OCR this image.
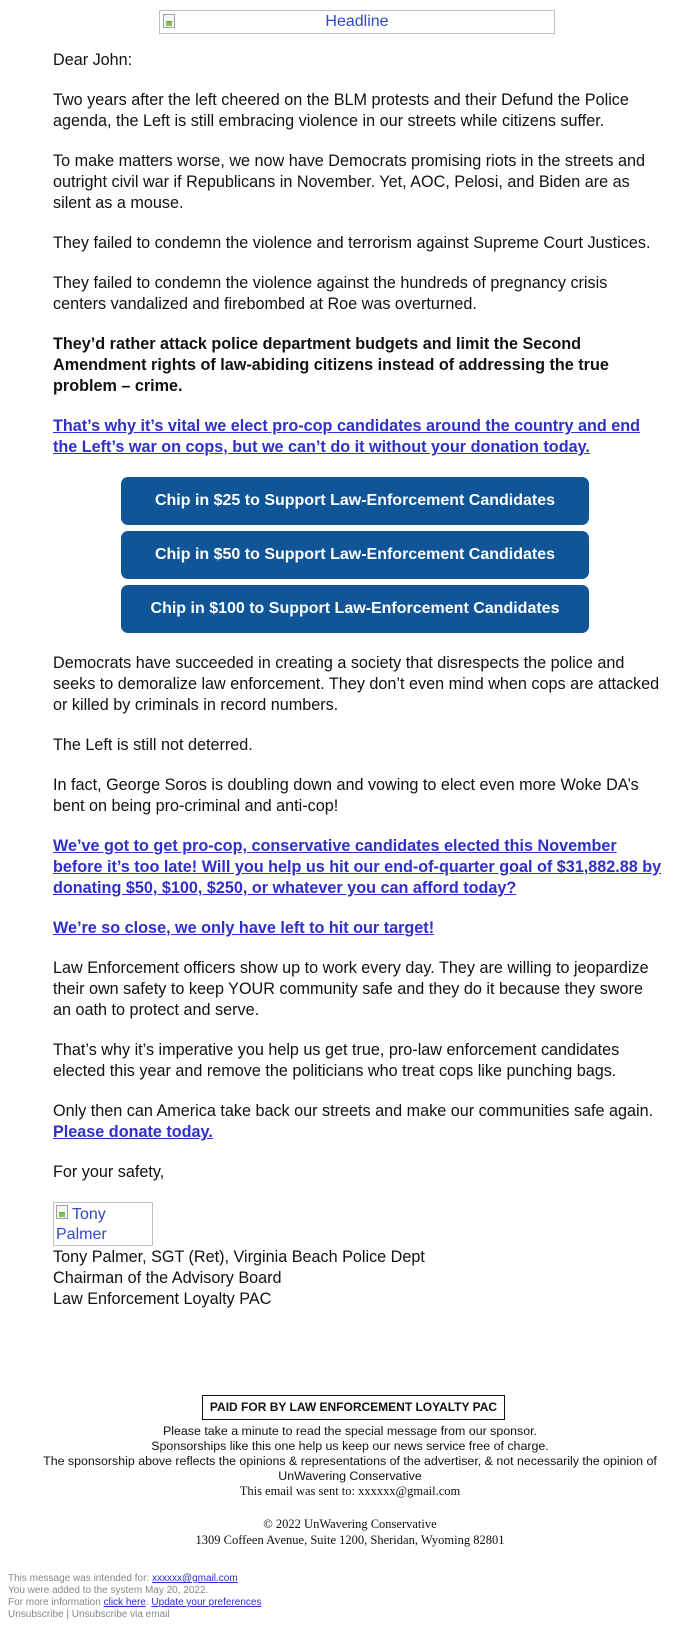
Headline

Dear John:

Two years after the left cheered on the BLM protests and their Defund the Police agenda, the Left is still embracing violence in our streets while citizens suffer.

To make matters worse, we now have Democrats promising riots in the streets and outright civil war if Republicans in November. Yet, AOC, Pelosi, and Biden are as silent as a mouse.

They failed to condemn the violence and terrorism against Supreme Court Justices.

They failed to condemn the violence against the hundreds of pregnancy crisis centers vandalized and firebombed at Roe was overturned.

They’d rather attack police department budgets and limit the Second Amendment rights of law-abiding citizens instead of addressing the true problem – crime.

That’s why it’s vital we elect pro-cop candidates around the country and end the Left’s war on cops, but we can’t do it without your donation today.

Chip in $25 to Support Law-Enforcement Candidates
Chip in $50 to Support Law-Enforcement Candidates
Chip in $100 to Support Law-Enforcement Candidates

Democrats have succeeded in creating a society that disrespects the police and seeks to demoralize law enforcement. They don’t even mind when cops are attacked or killed by criminals in record numbers.

The Left is still not deterred.

In fact, George Soros is doubling down and vowing to elect even more Woke DA’s bent on being pro-criminal and anti-cop!

We’ve got to get pro-cop, conservative candidates elected this November before it’s too late! Will you help us hit our end-of-quarter goal of $31,882.88 by donating $50, $100, $250, or whatever you can afford today?

We’re so close, we only have left to hit our target!

Law Enforcement officers show up to work every day. They are willing to jeopardize their own safety to keep YOUR community safe and they do it because they swore an oath to protect and serve.

That’s why it’s imperative you help us get true, pro-law enforcement candidates elected this year and remove the politicians who treat cops like punching bags.

Only then can America take back our streets and make our communities safe again. Please donate today.

For your safety,

Tony Palmer

Tony Palmer, SGT (Ret), Virginia Beach Police Dept

Chairman of the Advisory Board

Law Enforcement Loyalty PAC

PAID FOR BY LAW ENFORCEMENT LOYALTY PAC
Please take a minute to read the special message from our sponsor.
Sponsorships like this one help us keep our news service free of charge.
The sponsorship above reflects the opinions & representations of the advertiser, & not necessarily the opinion of UnWavering Conservative
This email was sent to: xxxxxx@gmail.com
© 2022 UnWavering Conservative
1309 Coffeen Avenue, Suite 1200, Sheridan, Wyoming 82801
This message was intended for: xxxxxx@gmail.com
You were added to the system May 20, 2022.
For more information click here. Update your preferences
Unsubscribe | Unsubscribe via email
